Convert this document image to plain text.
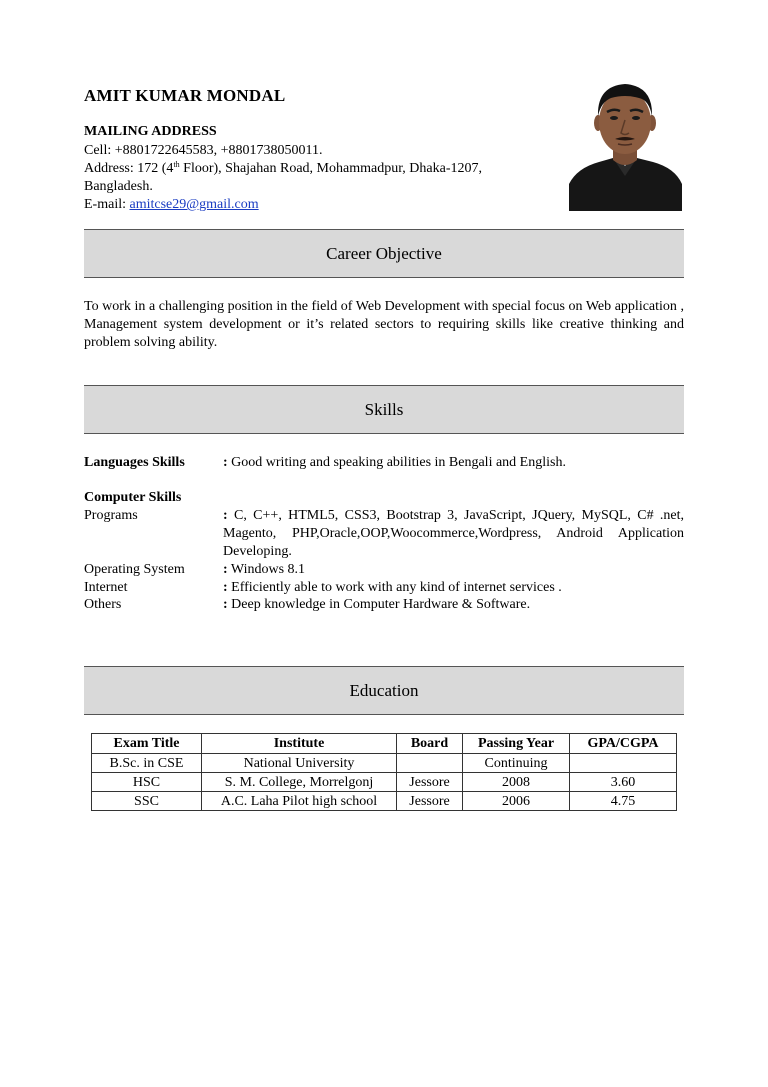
AMIT KUMAR MONDAL
MAILING ADDRESS
Cell: +8801722645583, +8801738050011.
Address: 172 (4th Floor), Shajahan Road, Mohammadpur, Dhaka-1207,
Bangladesh.
E-mail: amitcse29@gmail.com
Career Objective
To work in a challenging position in the field of Web Development with special focus on Web application , Management system development or it’s related sectors to requiring skills like creative thinking and problem solving ability.
Skills
Languages Skills	: Good writing and speaking abilities in Bengali and English.
Computer Skills
Programs	: C, C++, HTML5, CSS3, Bootstrap 3, JavaScript, JQuery, MySQL, C# .net, Magento, PHP,Oracle,OOP,Woocommerce,Wordpress, Android Application Developing.
Operating System	: Windows 8.1
Internet	: Efficiently able to work with any kind of internet services .
Others	: Deep knowledge in Computer Hardware & Software.
Education
Exam Title	Institute	Board	Passing Year	GPA/CGPA
B.Sc. in CSE	National University		Continuing	
HSC	S. M. College, Morrelgonj	Jessore	2008	3.60
SSC	A.C. Laha Pilot high school	Jessore	2006	4.75
